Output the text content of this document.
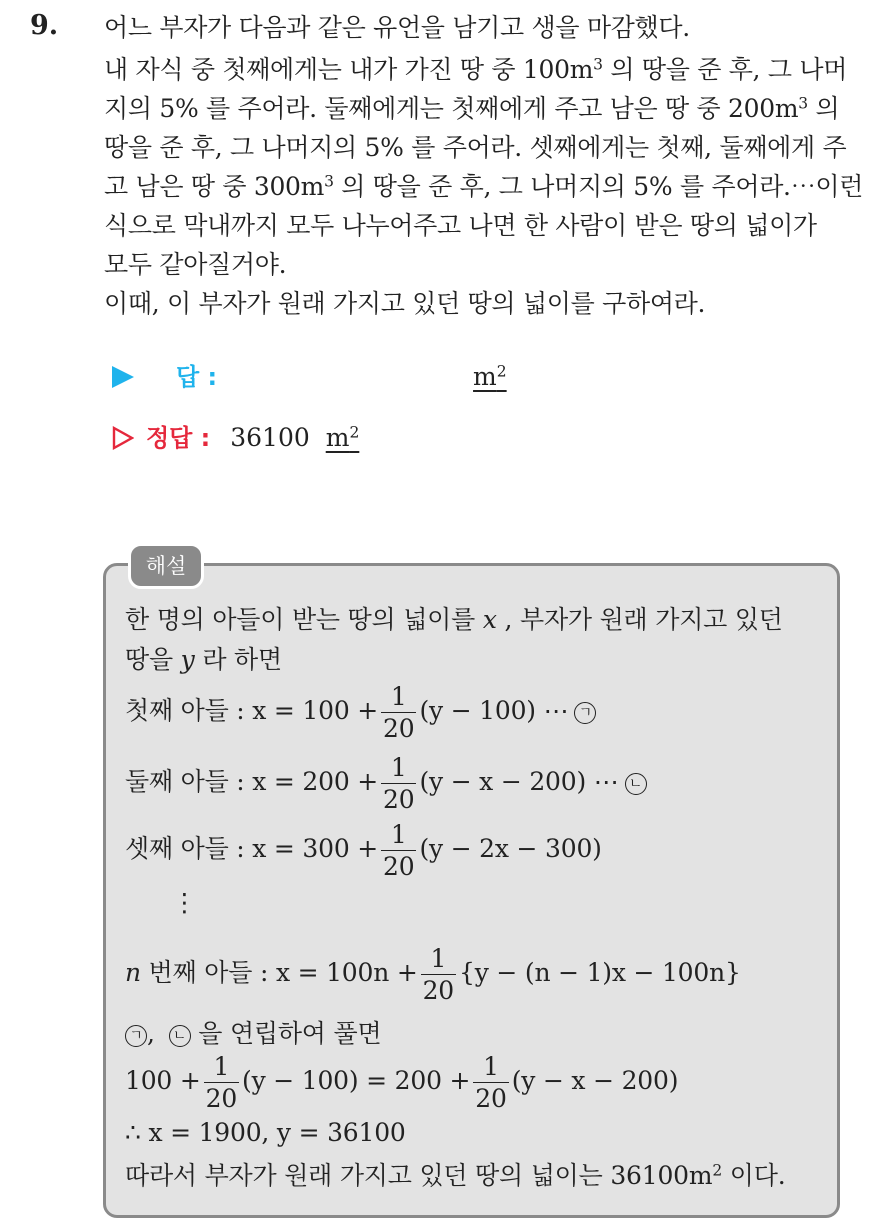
9. 어느 부자가 다음과 같은 유언을 남기고 생을 마감했다.
내 자식 중 첫째에게는 내가 가진 땅 중 $100m^3$ 의 땅을 준 후, 그 나머
지의 5% 를 주어라. 둘째에게는 첫째에게 주고 남은 땅 중 $200m^3$ 의
땅을 준 후, 그 나머지의 5% 를 주어라. 셋째에게는 첫째, 둘째에게 주
고 남은 땅 중 $300m^3$ 의 땅을 준 후, 그 나머지의 5% 를 주어라.⋯이런
식으로 막내까지 모두 나누어주고 나면 한 사람이 받은 땅의 넓이가
모두 같아질거야.
이때, 이 부자가 원래 가지고 있던 땅의 넓이를 구하여라.
답 :	$m^2$
정답 : 36100 $m^2$
해설
한 명의 아들이 받는 땅의 넓이를 x , 부자가 원래 가지고 있던
땅을 y 라 하면
첫째 아들 : $x = 100 + \frac{1}{20} (y - 100)$ ⋯ ㄱ
둘째 아들 : $x = 200 + \frac{1}{20} (y - x - 200)$ ⋯ ㄴ
셋째 아들 : $x = 300 + \frac{1}{20} (y - 2x - 300)$
⋮
n 번째 아들 : $x = 100n + \frac{1}{20} \{y - (n - 1)x - 100n\}$
ㄱ , ㄴ 을 연립하여 풀면
$100 + \frac{1}{20} (y - 100) = 200 + \frac{1}{20} (y - x - 200)$
∴ x = 1900, y = 36100
따라서 부자가 원래 가지고 있던 땅의 넓이는 $36100m^2$ 이다.
